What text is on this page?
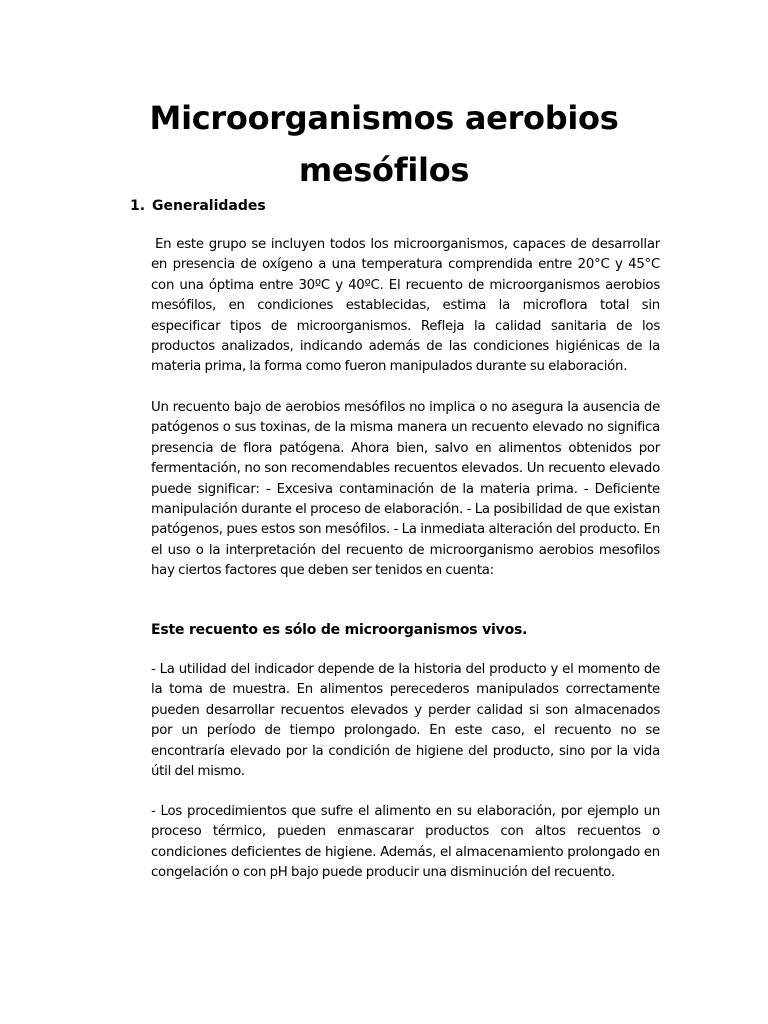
Microorganismos aerobios mesófilos
1. Generalidades

En este grupo se incluyen todos los microorganismos, capaces de desarrollar en presencia de oxígeno a una temperatura comprendida entre 20°C y 45°C con una óptima entre 30ºC y 40ºC. El recuento de microorganismos aerobios mesófilos, en condiciones establecidas, estima la microflora total sin especificar tipos de microorganismos. Refleja la calidad sanitaria de los productos analizados, indicando además de las condiciones higiénicas de la materia prima, la forma como fueron manipulados durante su elaboración.

Un recuento bajo de aerobios mesófilos no implica o no asegura la ausencia de patógenos o sus toxinas, de la misma manera un recuento elevado no significa presencia de flora patógena. Ahora bien, salvo en alimentos obtenidos por fermentación, no son recomendables recuentos elevados. Un recuento elevado puede significar: - Excesiva contaminación de la materia prima. - Deficiente manipulación durante el proceso de elaboración. - La posibilidad de que existan patógenos, pues estos son mesófilos. - La inmediata alteración del producto. En el uso o la interpretación del recuento de microorganismo aerobios mesofilos hay ciertos factores que deben ser tenidos en cuenta:

Este recuento es sólo de microorganismos vivos.

- La utilidad del indicador depende de la historia del producto y el momento de la toma de muestra. En alimentos perecederos manipulados correctamente pueden desarrollar recuentos elevados y perder calidad si son almacenados por un período de tiempo prolongado. En este caso, el recuento no se encontraría elevado por la condición de higiene del producto, sino por la vida útil del mismo.

- Los procedimientos que sufre el alimento en su elaboración, por ejemplo un proceso térmico, pueden enmascarar productos con altos recuentos o condiciones deficientes de higiene. Además, el almacenamiento prolongado en congelación o con pH bajo puede producir una disminución del recuento.
